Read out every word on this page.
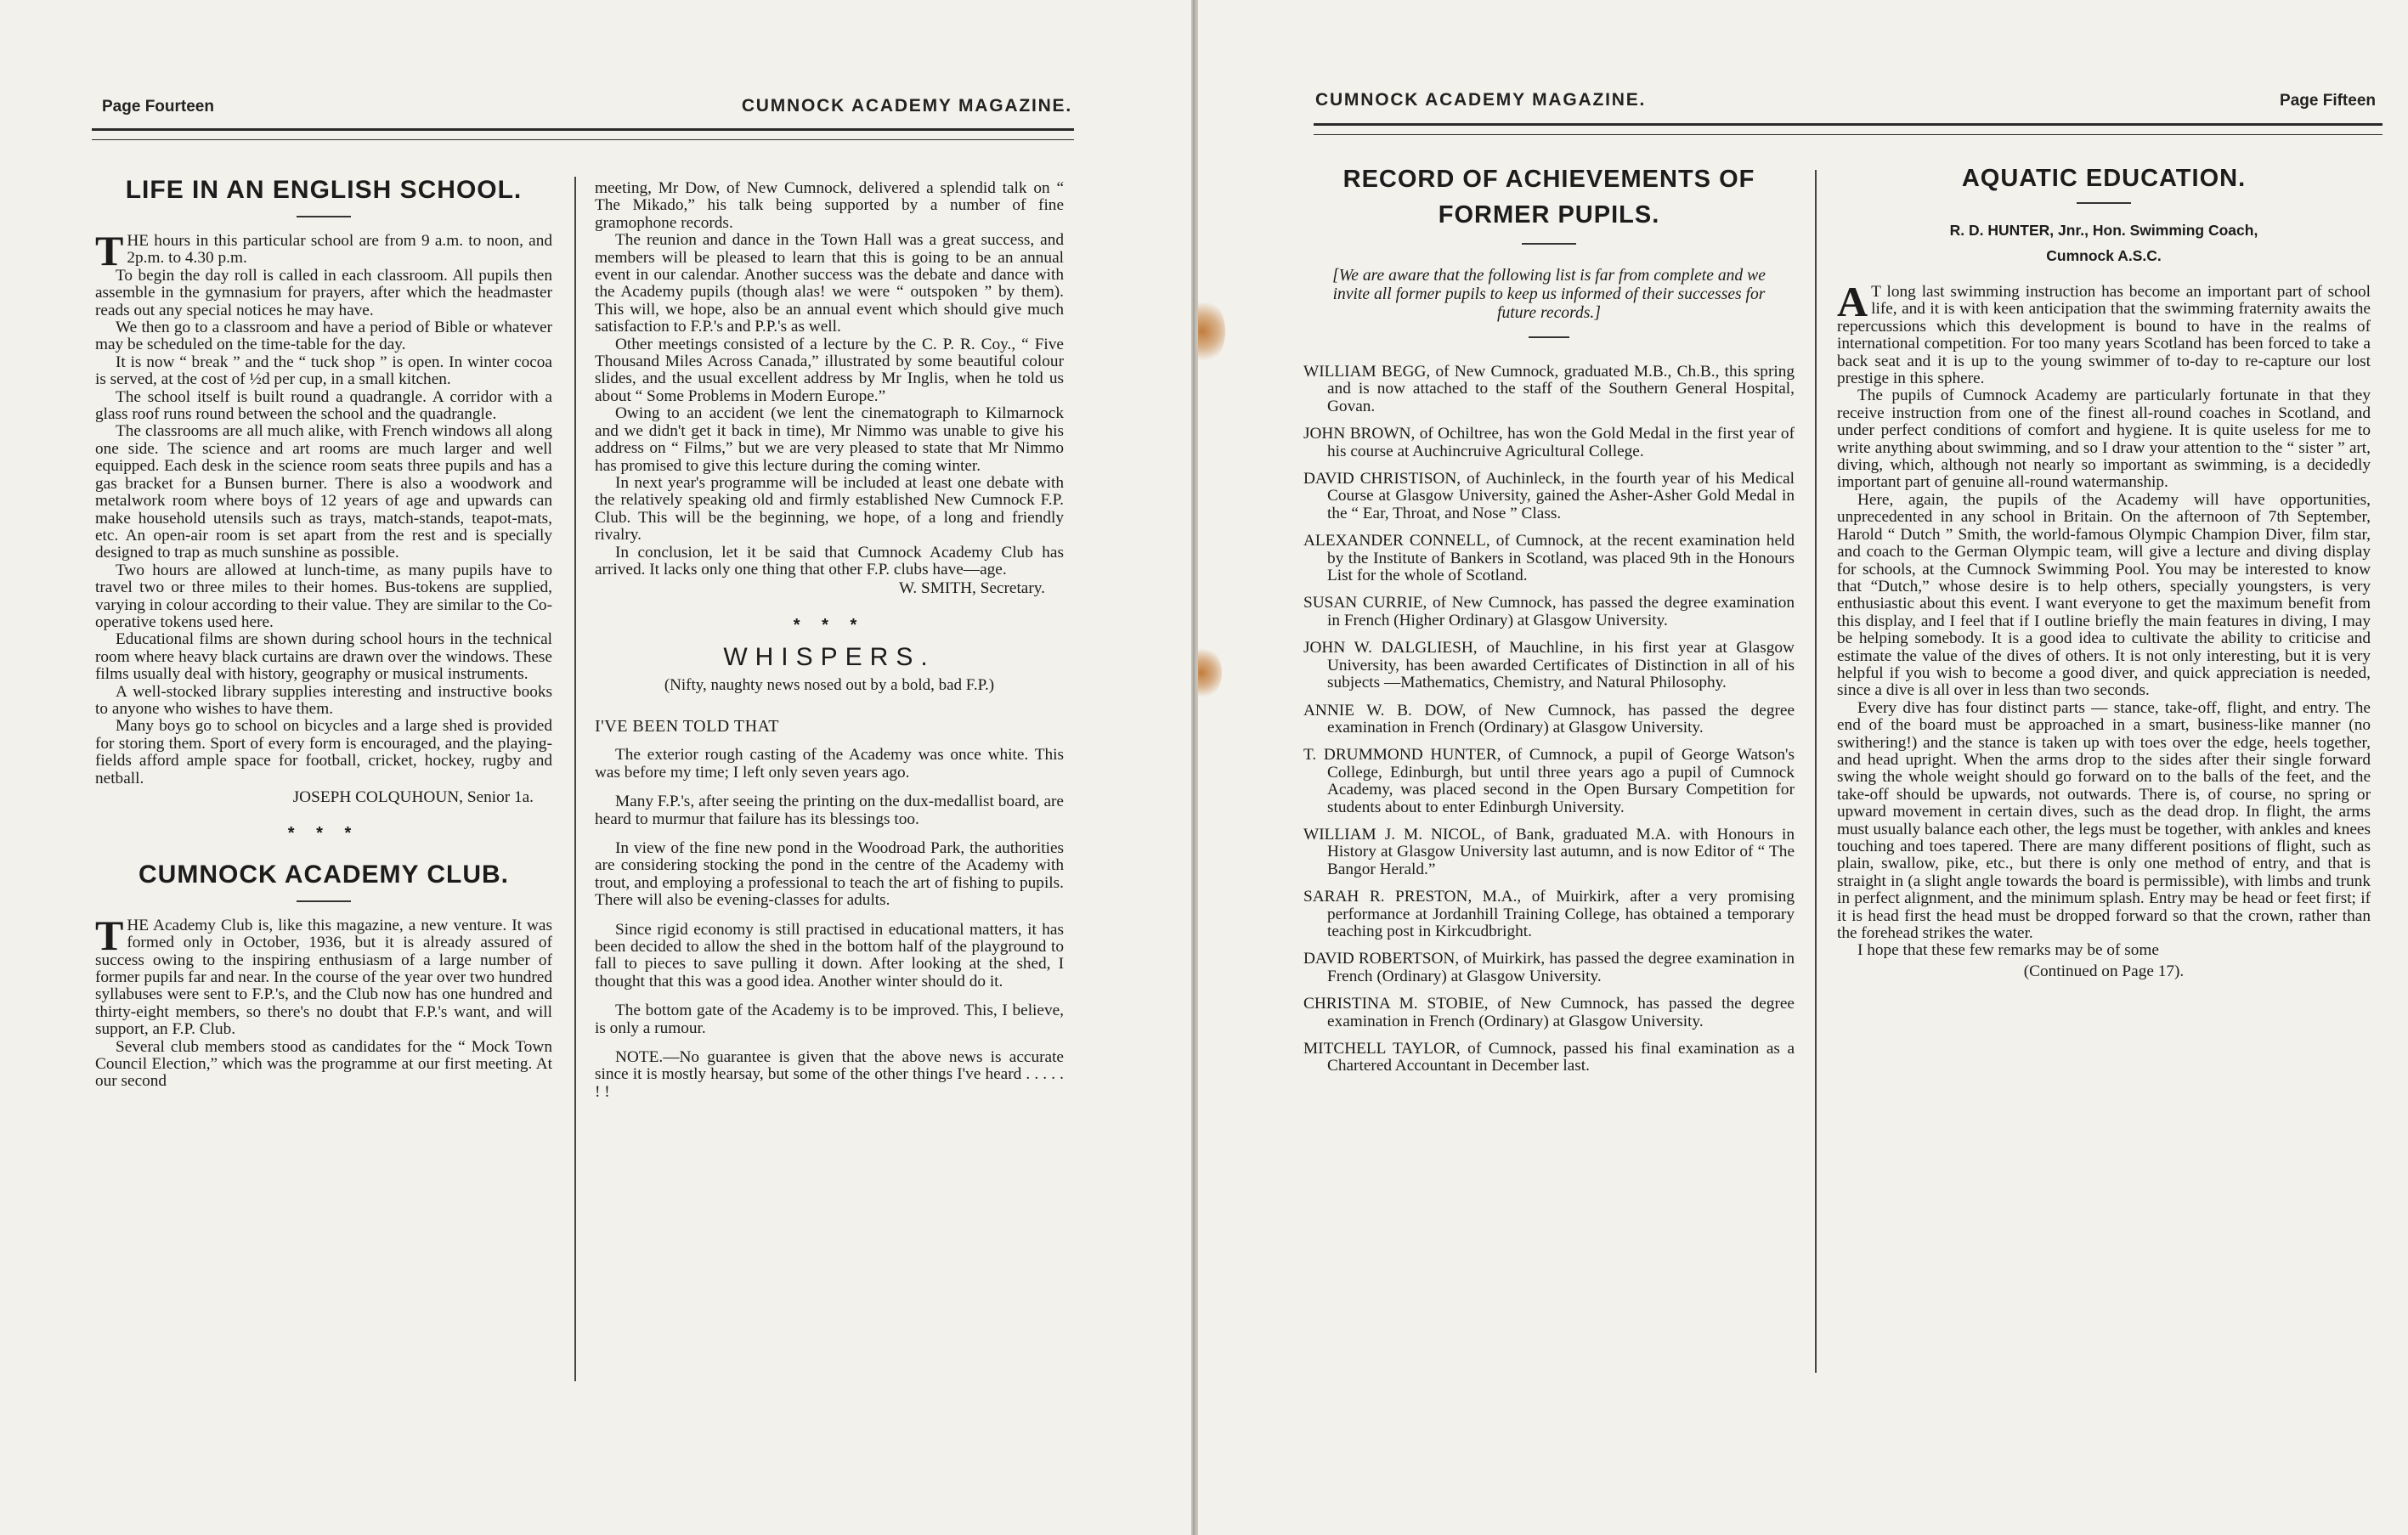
Page Fourteen	CUMNOCK ACADEMY MAGAZINE.
LIFE IN AN ENGLISH SCHOOL.

THE hours in this particular school are from 9 a.m. to noon, and 2p.m. to 4.30 p.m.

To begin the day roll is called in each classroom. All pupils then assemble in the gymnasium for prayers, after which the headmaster reads out any special notices he may have.

We then go to a classroom and have a period of Bible or whatever may be scheduled on the time-table for the day.

It is now “ break ” and the “ tuck shop ” is open. In winter cocoa is served, at the cost of ½d per cup, in a small kitchen.

The school itself is built round a quadrangle. A corridor with a glass roof runs round between the school and the quadrangle.

The classrooms are all much alike, with French windows all along one side. The science and art rooms are much larger and well equipped. Each desk in the science room seats three pupils and has a gas bracket for a Bunsen burner. There is also a woodwork and metalwork room where boys of 12 years of age and upwards can make household utensils such as trays, match-stands, teapot-mats, etc. An open-air room is set apart from the rest and is specially designed to trap as much sunshine as possible.

Two hours are allowed at lunch-time, as many pupils have to travel two or three miles to their homes. Bus-tokens are supplied, varying in colour according to their value. They are similar to the Co-operative tokens used here.

Educational films are shown during school hours in the technical room where heavy black curtains are drawn over the windows. These films usually deal with history, geography or musical instruments.

A well-stocked library supplies interesting and instructive books to anyone who wishes to have them.

Many boys go to school on bicycles and a large shed is provided for storing them. Sport of every form is encouraged, and the playing-fields afford ample space for football, cricket, hockey, rugby and netball.

JOSEPH COLQUHOUN, Senior 1a.
* * *
CUMNOCK ACADEMY CLUB.

THE Academy Club is, like this magazine, a new venture. It was formed only in October, 1936, but it is already assured of success owing to the inspiring enthusiasm of a large number of former pupils far and near. In the course of the year over two hundred syllabuses were sent to F.P.'s, and the Club now has one hundred and thirty-eight members, so there's no doubt that F.P.'s want, and will support, an F.P. Club.

Several club members stood as candidates for the “ Mock Town Council Election,” which was the programme at our first meeting. At our second

meeting, Mr Dow, of New Cumnock, delivered a splendid talk on “ The Mikado,” his talk being supported by a number of fine gramophone records.

The reunion and dance in the Town Hall was a great success, and members will be pleased to learn that this is going to be an annual event in our calendar. Another success was the debate and dance with the Academy pupils (though alas! we were “ outspoken ” by them). This will, we hope, also be an annual event which should give much satisfaction to F.P.'s and P.P.'s as well.

Other meetings consisted of a lecture by the C. P. R. Coy., “ Five Thousand Miles Across Canada,” illustrated by some beautiful colour slides, and the usual excellent address by Mr Inglis, when he told us about “ Some Problems in Modern Europe.”

Owing to an accident (we lent the cinematograph to Kilmarnock and we didn't get it back in time), Mr Nimmo was unable to give his address on “ Films,” but we are very pleased to state that Mr Nimmo has promised to give this lecture during the coming winter.

In next year's programme will be included at least one debate with the relatively speaking old and firmly established New Cumnock F.P. Club. This will be the beginning, we hope, of a long and friendly rivalry.

In conclusion, let it be said that Cumnock Academy Club has arrived. It lacks only one thing that other F.P. clubs have—age.

W. SMITH, Secretary.
* * *
WHISPERS.
(Nifty, naughty news nosed out by a bold, bad F.P.)
I'VE BEEN TOLD THAT

The exterior rough casting of the Academy was once white. This was before my time; I left only seven years ago.

Many F.P.'s, after seeing the printing on the dux-medallist board, are heard to murmur that failure has its blessings too.

In view of the fine new pond in the Woodroad Park, the authorities are considering stocking the pond in the centre of the Academy with trout, and employing a professional to teach the art of fishing to pupils. There will also be evening-classes for adults.

Since rigid economy is still practised in educational matters, it has been decided to allow the shed in the bottom half of the playground to fall to pieces to save pulling it down. After looking at the shed, I thought that this was a good idea. Another winter should do it.

The bottom gate of the Academy is to be improved. This, I believe, is only a rumour.

NOTE.—No guarantee is given that the above news is accurate since it is mostly hearsay, but some of the other things I've heard . . . . . ! !

CUMNOCK ACADEMY MAGAZINE.	Page Fifteen
RECORD OF ACHIEVEMENTS OF
FORMER PUPILS.
[We are aware that the following list is far from complete and we invite all former pupils to keep us informed of their successes for future records.]
WILLIAM BEGG, of New Cumnock, graduated M.B., Ch.B., this spring and is now attached to the staff of the Southern General Hospital, Govan.
JOHN BROWN, of Ochiltree, has won the Gold Medal in the first year of his course at Auchincruive Agricultural College.
DAVID CHRISTISON, of Auchinleck, in the fourth year of his Medical Course at Glasgow University, gained the Asher-Asher Gold Medal in the “ Ear, Throat, and Nose ” Class.
ALEXANDER CONNELL, of Cumnock, at the recent examination held by the Institute of Bankers in Scotland, was placed 9th in the Honours List for the whole of Scotland.
SUSAN CURRIE, of New Cumnock, has passed the degree examination in French (Higher Ordinary) at Glasgow University.
JOHN W. DALGLIESH, of Mauchline, in his first year at Glasgow University, has been awarded Certificates of Distinction in all of his subjects —Mathematics, Chemistry, and Natural Philosophy.
ANNIE W. B. DOW, of New Cumnock, has passed the degree examination in French (Ordinary) at Glasgow University.
T. DRUMMOND HUNTER, of Cumnock, a pupil of George Watson's College, Edinburgh, but until three years ago a pupil of Cumnock Academy, was placed second in the Open Bursary Competition for students about to enter Edinburgh University.
WILLIAM J. M. NICOL, of Bank, graduated M.A. with Honours in History at Glasgow University last autumn, and is now Editor of “ The Bangor Herald.”
SARAH R. PRESTON, M.A., of Muirkirk, after a very promising performance at Jordanhill Training College, has obtained a temporary teaching post in Kirkcudbright.
DAVID ROBERTSON, of Muirkirk, has passed the degree examination in French (Ordinary) at Glasgow University.
CHRISTINA M. STOBIE, of New Cumnock, has passed the degree examination in French (Ordinary) at Glasgow University.
MITCHELL TAYLOR, of Cumnock, passed his final examination as a Chartered Accountant in December last.
AQUATIC EDUCATION.
R. D. HUNTER, Jnr., Hon. Swimming Coach,
Cumnock A.S.C.

A T long last swimming instruction has become an important part of school life, and it is with keen anticipation that the swimming fraternity awaits the repercussions which this development is bound to have in the realms of international competition. For too many years Scotland has been forced to take a back seat and it is up to the young swimmer of to-day to re-capture our lost prestige in this sphere.

The pupils of Cumnock Academy are particularly fortunate in that they receive instruction from one of the finest all-round coaches in Scotland, and under perfect conditions of comfort and hygiene. It is quite useless for me to write anything about swimming, and so I draw your attention to the “ sister ” art, diving, which, although not nearly so important as swimming, is a decidedly important part of genuine all-round watermanship.

Here, again, the pupils of the Academy will have opportunities, unprecedented in any school in Britain. On the afternoon of 7th September, Harold “ Dutch ” Smith, the world-famous Olympic Champion Diver, film star, and coach to the German Olympic team, will give a lecture and diving display for schools, at the Cumnock Swimming Pool. You may be interested to know that “Dutch,” whose desire is to help others, specially youngsters, is very enthusiastic about this event. I want everyone to get the maximum benefit from this display, and I feel that if I outline briefly the main features in diving, I may be helping somebody. It is a good idea to cultivate the ability to criticise and estimate the value of the dives of others. It is not only interesting, but it is very helpful if you wish to become a good diver, and quick appreciation is needed, since a dive is all over in less than two seconds.

Every dive has four distinct parts — stance, take-off, flight, and entry. The end of the board must be approached in a smart, business-like manner (no swithering!) and the stance is taken up with toes over the edge, heels together, and head upright. When the arms drop to the sides after their single forward swing the whole weight should go forward on to the balls of the feet, and the take-off should be upwards, not outwards. There is, of course, no spring or upward movement in certain dives, such as the dead drop. In flight, the arms must usually balance each other, the legs must be together, with ankles and knees touching and toes tapered. There are many different positions of flight, such as plain, swallow, pike, etc., but there is only one method of entry, and that is straight in (a slight angle towards the board is permissible), with limbs and trunk in perfect alignment, and the minimum splash. Entry may be head or feet first; if it is head first the head must be dropped forward so that the crown, rather than the forehead strikes the water.

I hope that these few remarks may be of some

(Continued on Page 17).
